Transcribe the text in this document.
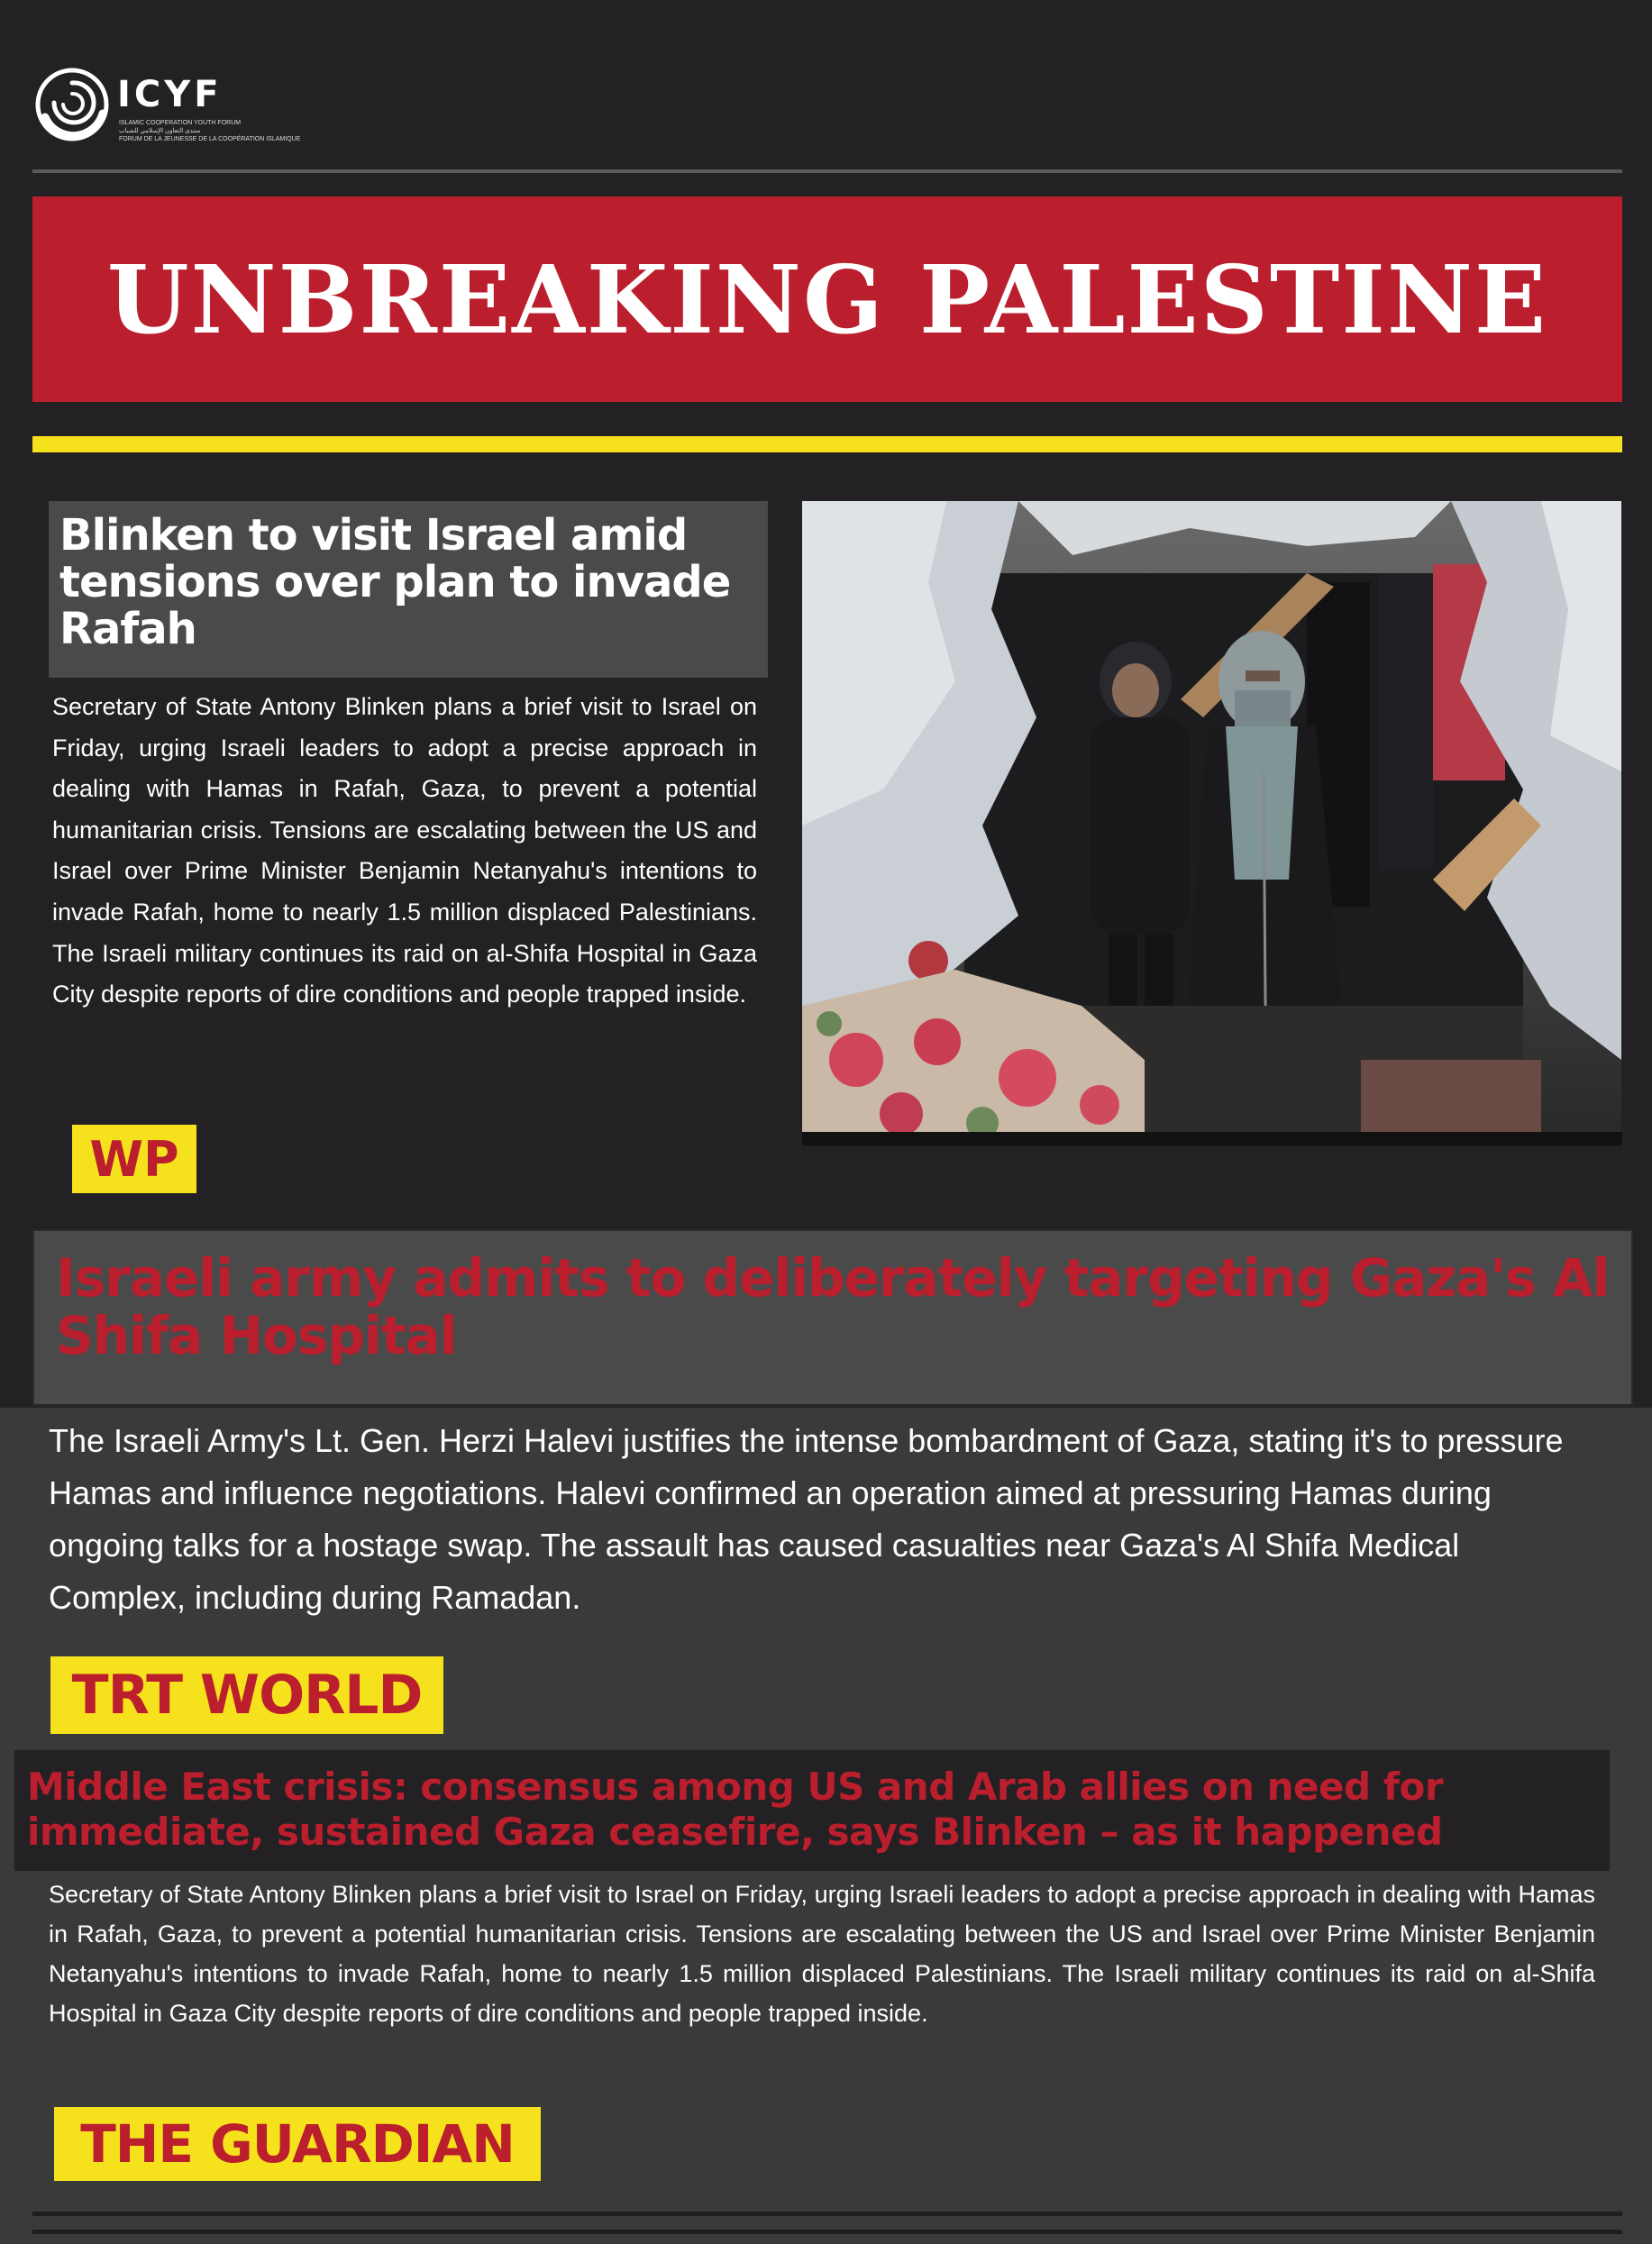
ICYF
ISLAMIC COOPERATION YOUTH FORUM
منتدى التعاون الإسلامي للشباب
FORUM DE LA JEUNESSE DE LA COOPÉRATION ISLAMIQUE
UNBREAKING PALESTINE
Blinken to visit Israel amid tensions over plan to invade Rafah

Secretary of State Antony Blinken plans a brief visit to Israel on Friday, urging Israeli leaders to adopt a precise approach in dealing with Hamas in Rafah, Gaza, to prevent a potential humanitarian crisis. Tensions are escalating between the US and Israel over Prime Minister Benjamin Netanyahu's intentions to invade Rafah, home to nearly 1.5 million displaced Palestinians. The Israeli military continues its raid on al-Shifa Hospital in Gaza City despite reports of dire conditions and people trapped inside.

WP
Israeli army admits to deliberately targeting Gaza's Al Shifa Hospital

The Israeli Army's Lt. Gen. Herzi Halevi justifies the intense bombardment of Gaza, stating it's to pressure Hamas and influence negotiations. Halevi confirmed an operation aimed at pressuring Hamas during ongoing talks for a hostage swap. The assault has caused casualties near Gaza's Al Shifa Medical Complex, including during Ramadan.

TRT WORLD
Middle East crisis: consensus among US and Arab allies on need for
immediate, sustained Gaza ceasefire, says Blinken – as it happened

Secretary of State Antony Blinken plans a brief visit to Israel on Friday, urging Israeli leaders to adopt a precise approach in dealing with Hamas in Rafah, Gaza, to prevent a potential humanitarian crisis. Tensions are escalating between the US and Israel over Prime Minister Benjamin Netanyahu's intentions to invade Rafah, home to nearly 1.5 million displaced Palestinians. The Israeli military continues its raid on al-Shifa Hospital in Gaza City despite reports of dire conditions and people trapped inside.

THE GUARDIAN
